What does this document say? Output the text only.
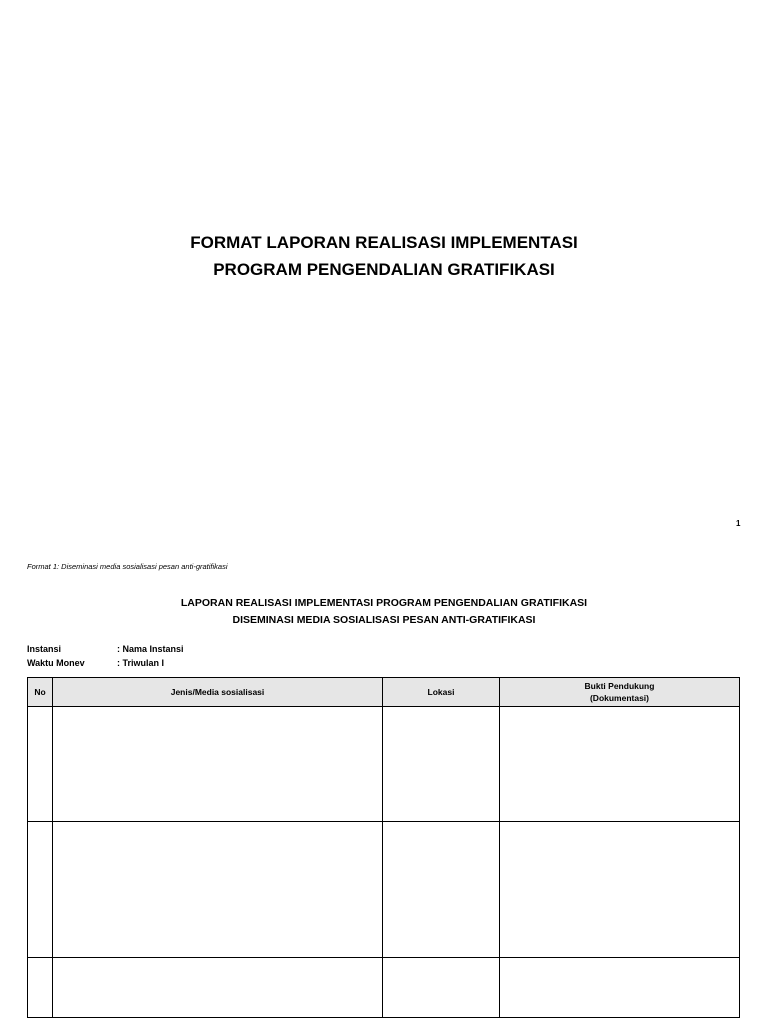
FORMAT LAPORAN REALISASI IMPLEMENTASI
PROGRAM PENGENDALIAN GRATIFIKASI
1
Format 1: Diseminasi media sosialisasi pesan anti-gratifikasi
LAPORAN REALISASI IMPLEMENTASI PROGRAM PENGENDALIAN GRATIFIKASI
DISEMINASI MEDIA SOSIALISASI PESAN ANTI-GRATIFIKASI
Instansi	: Nama Instansi
Waktu Monev	: Triwulan I
No	Jenis/Media sosialisasi	Lokasi	Bukti Pendukung
(Dokumentasi)
